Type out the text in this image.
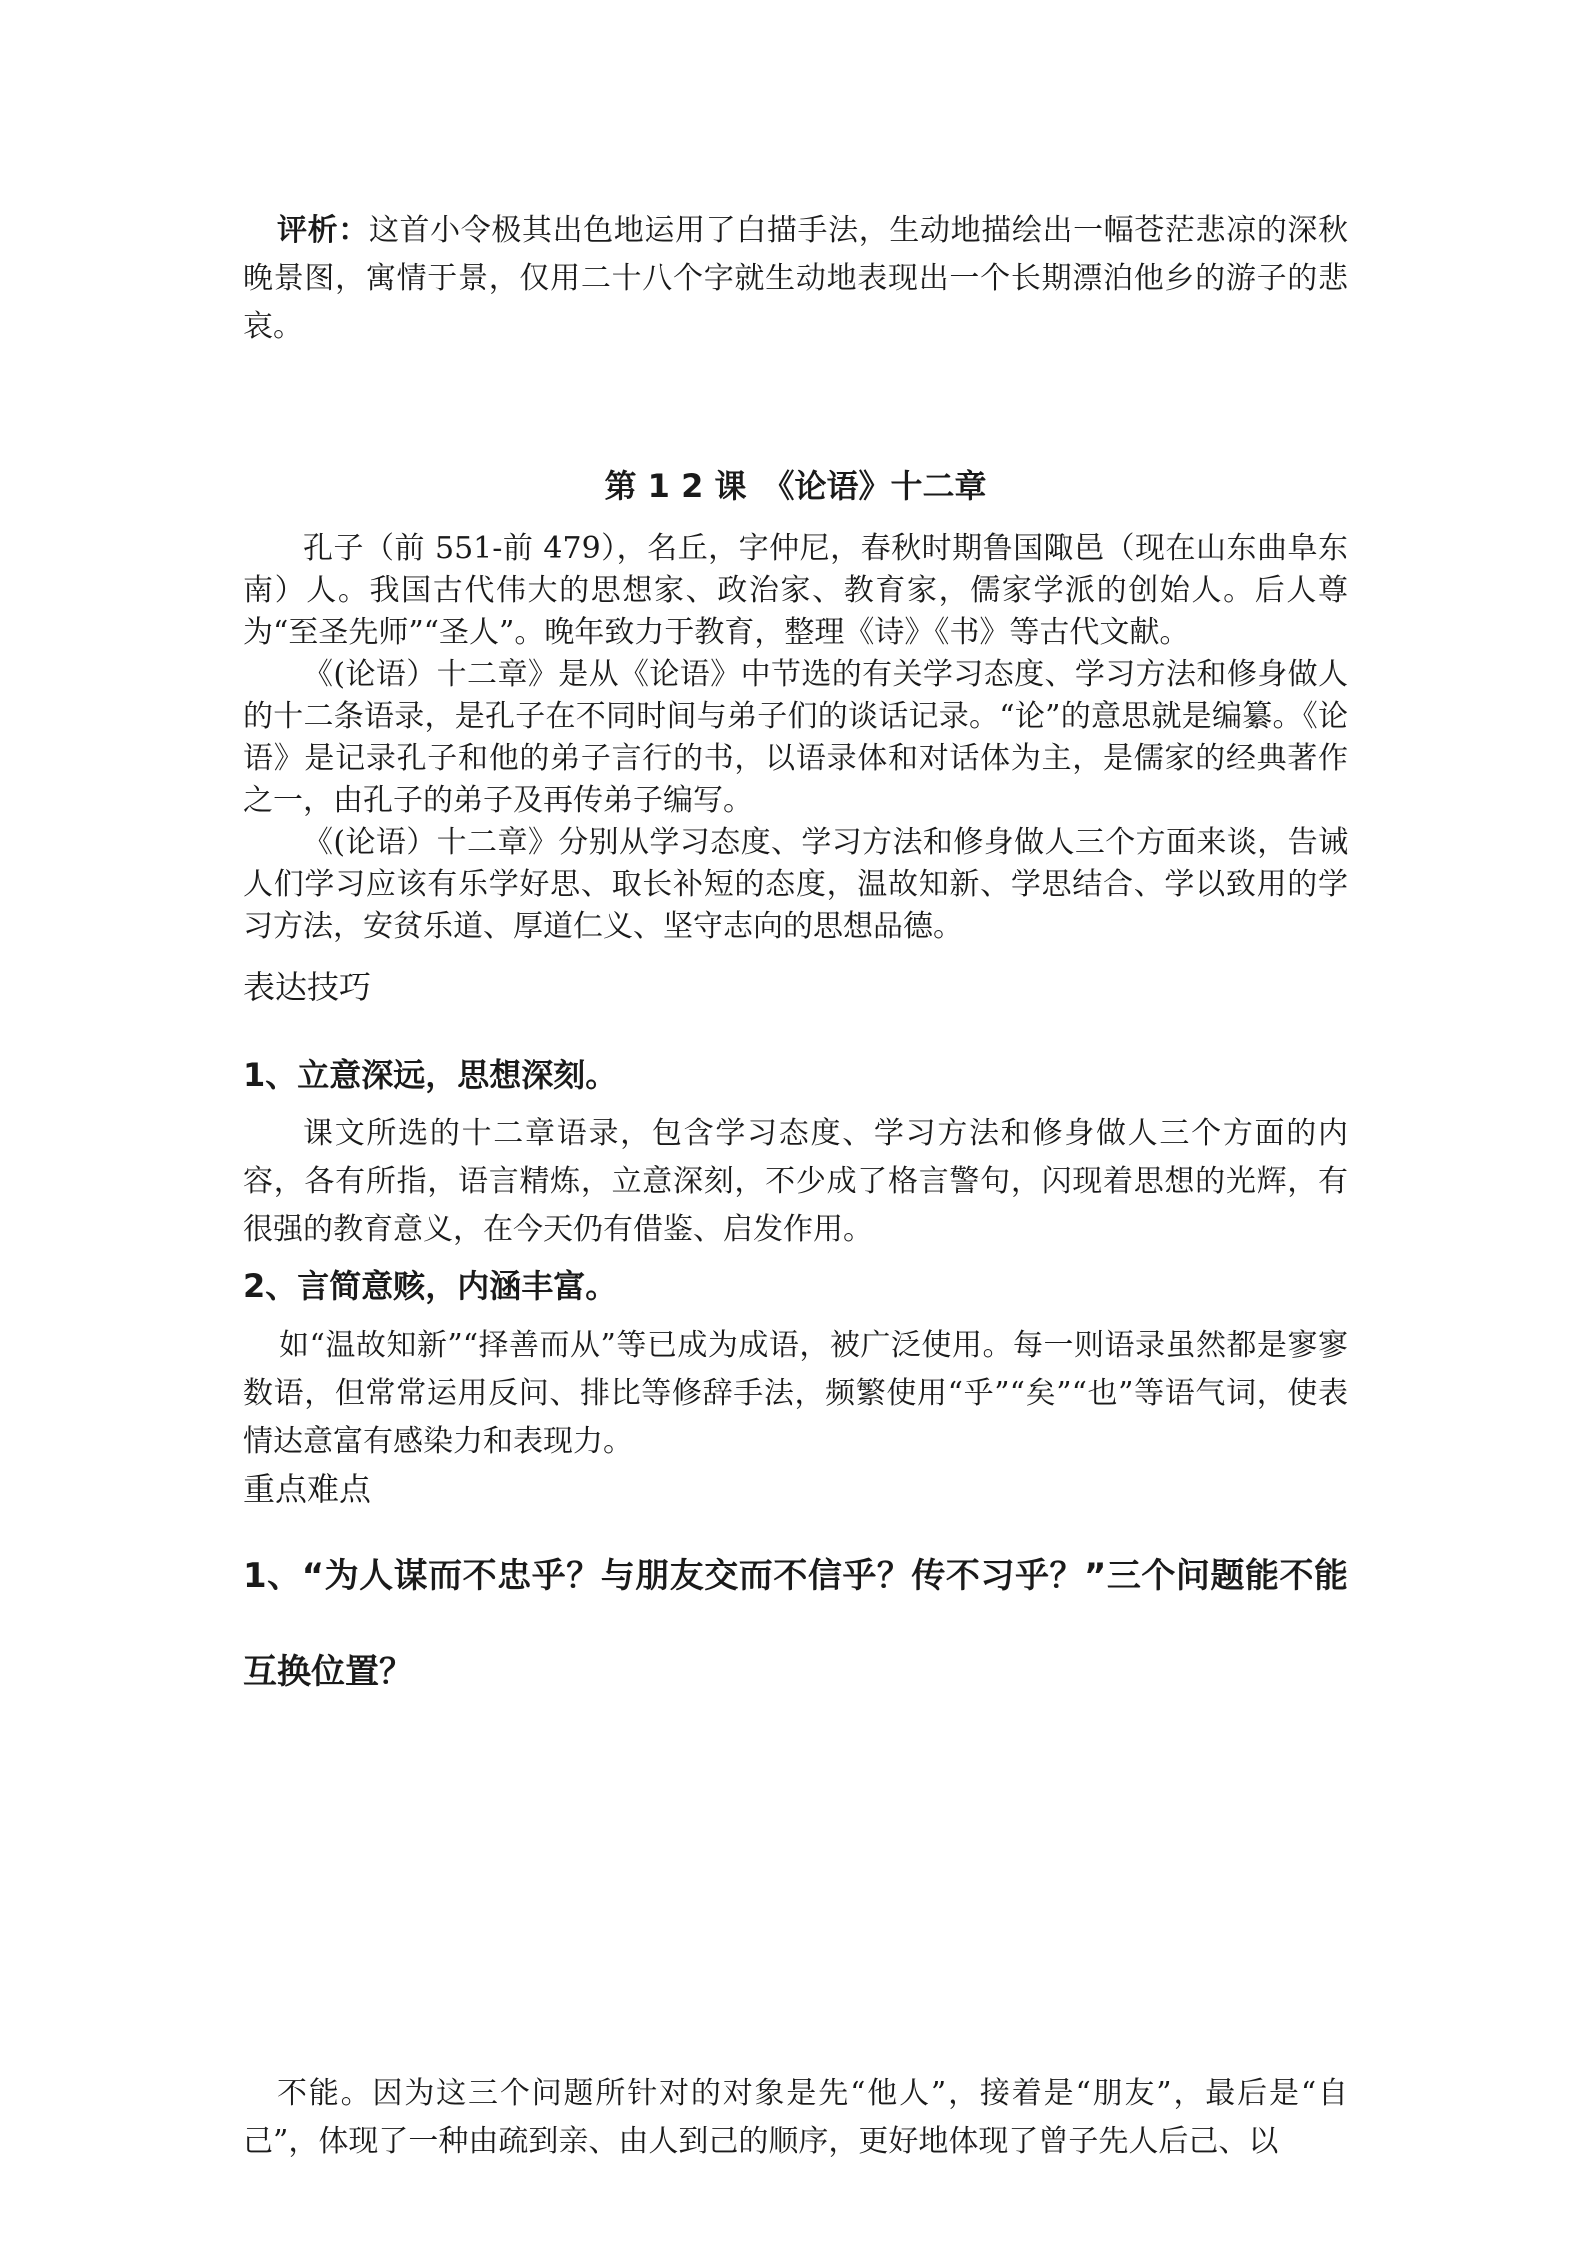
评析：这首小令极其出色地运用了白描手法，生动地描绘出一幅苍茫悲凉的深秋晚景图，寓情于景，仅用二十八个字就生动地表现出一个长期漂泊他乡的游子的悲哀。

第 1 2 课　《论语》十二章

孔子（前 551-前 479），名丘，字仲尼，春秋时期鲁国陬邑（现在山东曲阜东南）人。我国古代伟大的思想家、政治家、教育家，儒家学派的创始人。后人尊为“至圣先师”“圣人”。晚年致力于教育，整理《诗》《书》等古代文献。

《(论语）十二章》是从《论语》中节选的有关学习态度、学习方法和修身做人的十二条语录，是孔子在不同时间与弟子们的谈话记录。“论”的意思就是编纂。《论语》是记录孔子和他的弟子言行的书，以语录体和对话体为主，是儒家的经典著作之一，由孔子的弟子及再传弟子编写。

《(论语）十二章》分别从学习态度、学习方法和修身做人三个方面来谈，告诫人们学习应该有乐学好思、取长补短的态度，温故知新、学思结合、学以致用的学习方法，安贫乐道、厚道仁义、坚守志向的思想品德。

表达技巧
1、立意深远，思想深刻。

课文所选的十二章语录，包含学习态度、学习方法和修身做人三个方面的内容，各有所指，语言精炼，立意深刻，不少成了格言警句，闪现着思想的光辉，有很强的教育意义，在今天仍有借鉴、启发作用。

2、言简意赅，内涵丰富。

如“温故知新”“择善而从”等已成为成语，被广泛使用。每一则语录虽然都是寥寥数语，但常常运用反问、排比等修辞手法，频繁使用“乎”“矣”“也”等语气词，使表情达意富有感染力和表现力。

重点难点

1、“为人谋而不忠乎？与朋友交而不信乎？传不习乎？”三个问题能不能互换位置？

不能。因为这三个问题所针对的对象是先“他人”，接着是“朋友”，最后是“自己”，体现了一种由疏到亲、由人到己的顺序，更好地体现了曾子先人后己、以
